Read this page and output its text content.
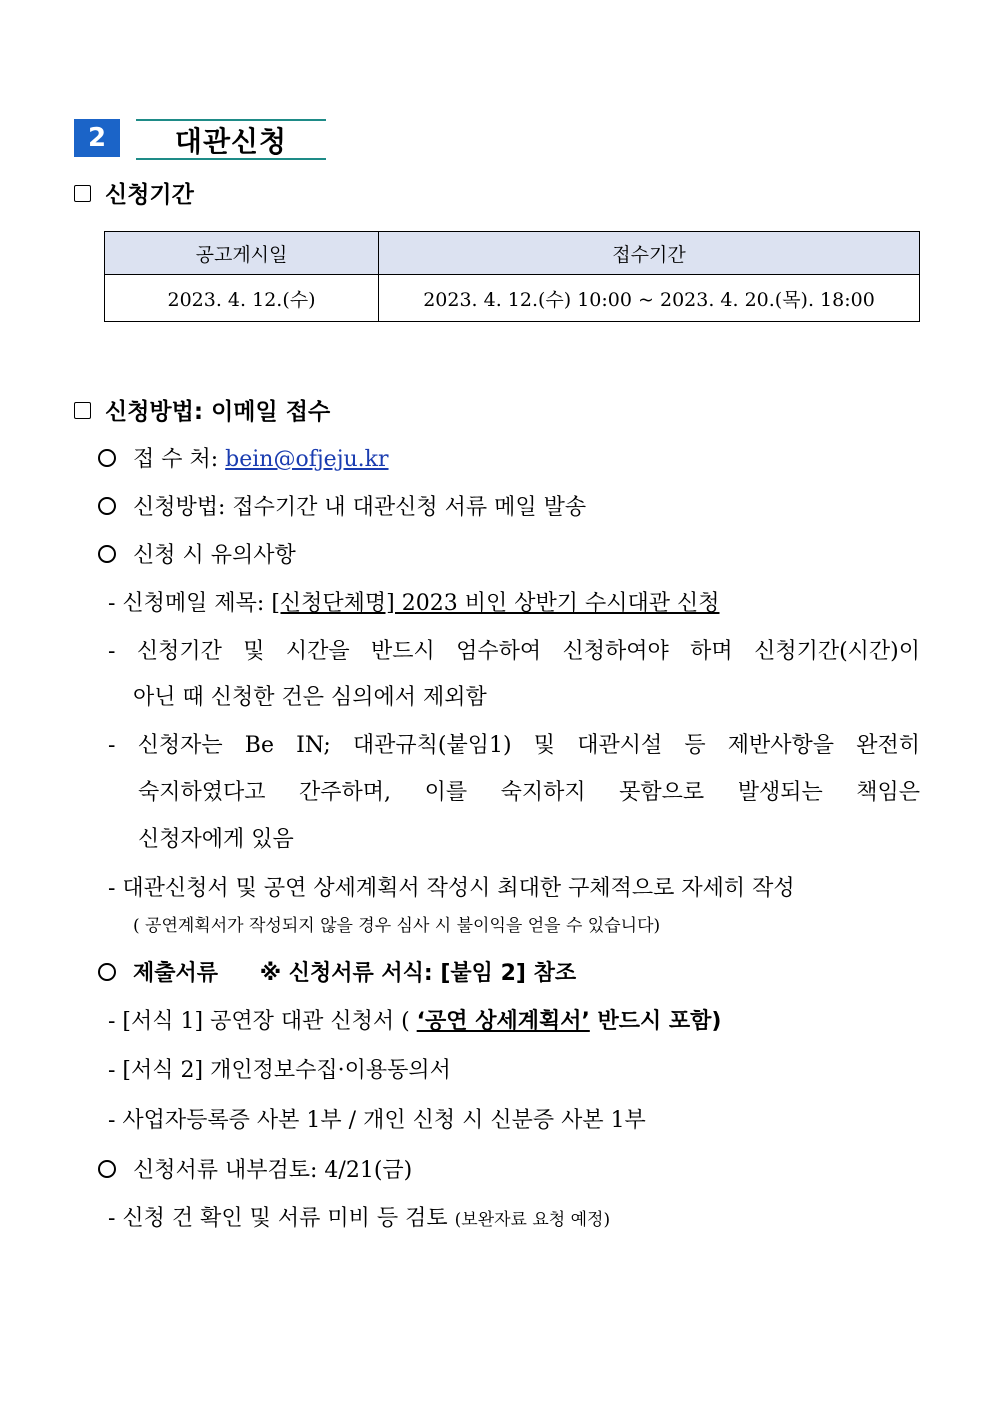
2	대관신청
신청기간
공고게시일	접수기간
2023. 4. 12.(수)	2023. 4. 12.(수) 10:00 ~ 2023. 4. 20.(목). 18:00
신청방법: 이메일 접수
접 수 처: bein@ofjeju.kr
신청방법: 접수기간 내 대관신청 서류 메일 발송
신청 시 유의사항
- 신청메일 제목: [신청단체명] 2023 비인 상반기 수시대관 신청
- 신청기간 및 시간을 반드시 엄수하여 신청하여야 하며 신청기간(시간)이
아닌 때 신청한 건은 심의에서 제외함
- 신청자는 Be IN; 대관규칙(붙임1) 및 대관시설 등 제반사항을 완전히
숙지하였다고 간주하며, 이를 숙지하지 못함으로 발생되는 책임은
신청자에게 있음
- 대관신청서 및 공연 상세계획서 작성시 최대한 구체적으로 자세히 작성
( 공연계획서가 작성되지 않을 경우 심사 시 불이익을 얻을 수 있습니다)
제출서류 ※ 신청서류 서식: [붙임 2] 참조
- [서식 1] 공연장 대관 신청서 ( ‘공연 상세계획서’ 반드시 포함)
- [서식 2] 개인정보수집·이용동의서
- 사업자등록증 사본 1부 / 개인 신청 시 신분증 사본 1부
신청서류 내부검토: 4/21(금)
- 신청 건 확인 및 서류 미비 등 검토 (보완자료 요청 예정)
